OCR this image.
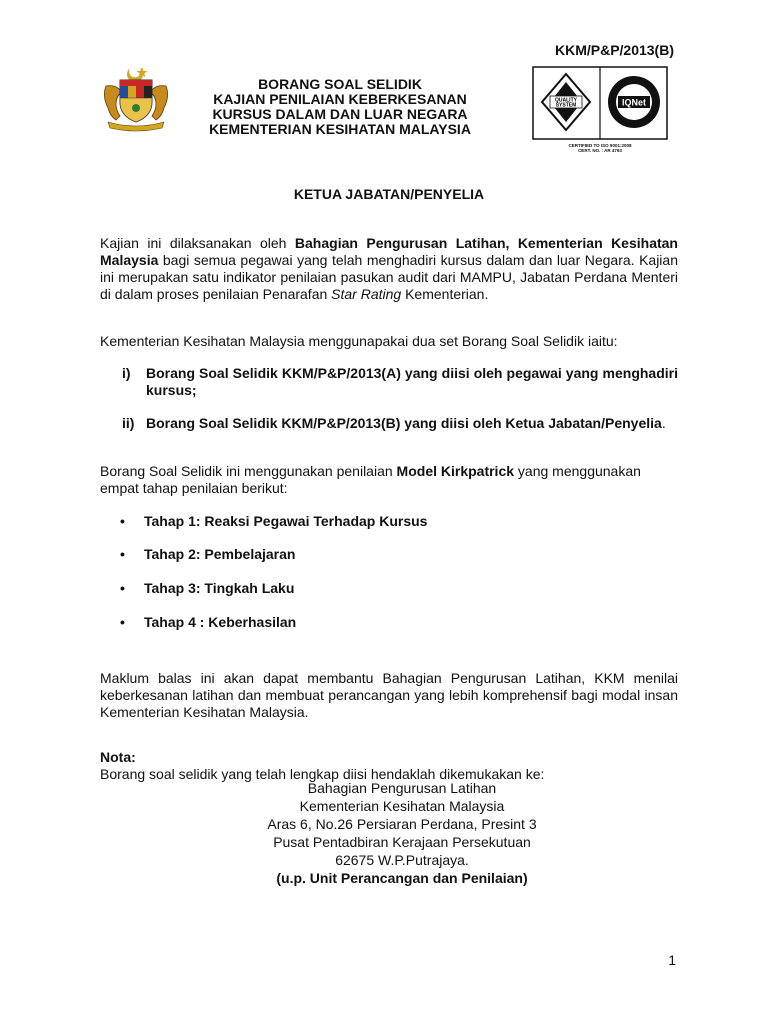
KKM/P&P/2013(B)
BORANG SOAL SELIDIK
KAJIAN PENILAIAN KEBERKESANAN
KURSUS DALAM DAN LUAR NEGARA
KEMENTERIAN KESIHATAN MALAYSIA
QUALITY
SYSTEM	IQNet
CERTIFIED TO ISO 9001:2008
CERT. NO. : AR 4793
KETUA JABATAN/PENYELIA
Kajian ini dilaksanakan oleh Bahagian Pengurusan Latihan, Kementerian Kesihatan Malaysia bagi semua pegawai yang telah menghadiri kursus dalam dan luar Negara. Kajian ini merupakan satu indikator penilaian pasukan audit dari MAMPU, Jabatan Perdana Menteri di dalam proses penilaian Penarafan Star Rating Kementerian.
Kementerian Kesihatan Malaysia menggunapakai dua set Borang Soal Selidik iaitu:
i) Borang Soal Selidik KKM/P&P/2013(A) yang diisi oleh pegawai yang menghadiri kursus;
ii) Borang Soal Selidik KKM/P&P/2013(B) yang diisi oleh Ketua Jabatan/Penyelia.
Borang Soal Selidik ini menggunakan penilaian Model Kirkpatrick yang menggunakan empat tahap penilaian berikut:
• Tahap 1: Reaksi Pegawai Terhadap Kursus
• Tahap 2: Pembelajaran
• Tahap 3: Tingkah Laku
• Tahap 4 : Keberhasilan
Maklum balas ini akan dapat membantu Bahagian Pengurusan Latihan, KKM menilai keberkesanan latihan dan membuat perancangan yang lebih komprehensif bagi modal insan Kementerian Kesihatan Malaysia.
Nota:
Borang soal selidik yang telah lengkap diisi hendaklah dikemukakan ke:
Bahagian Pengurusan Latihan
Kementerian Kesihatan Malaysia
Aras 6, No.26 Persiaran Perdana, Presint 3
Pusat Pentadbiran Kerajaan Persekutuan
62675 W.P.Putrajaya.
(u.p. Unit Perancangan dan Penilaian)
1
